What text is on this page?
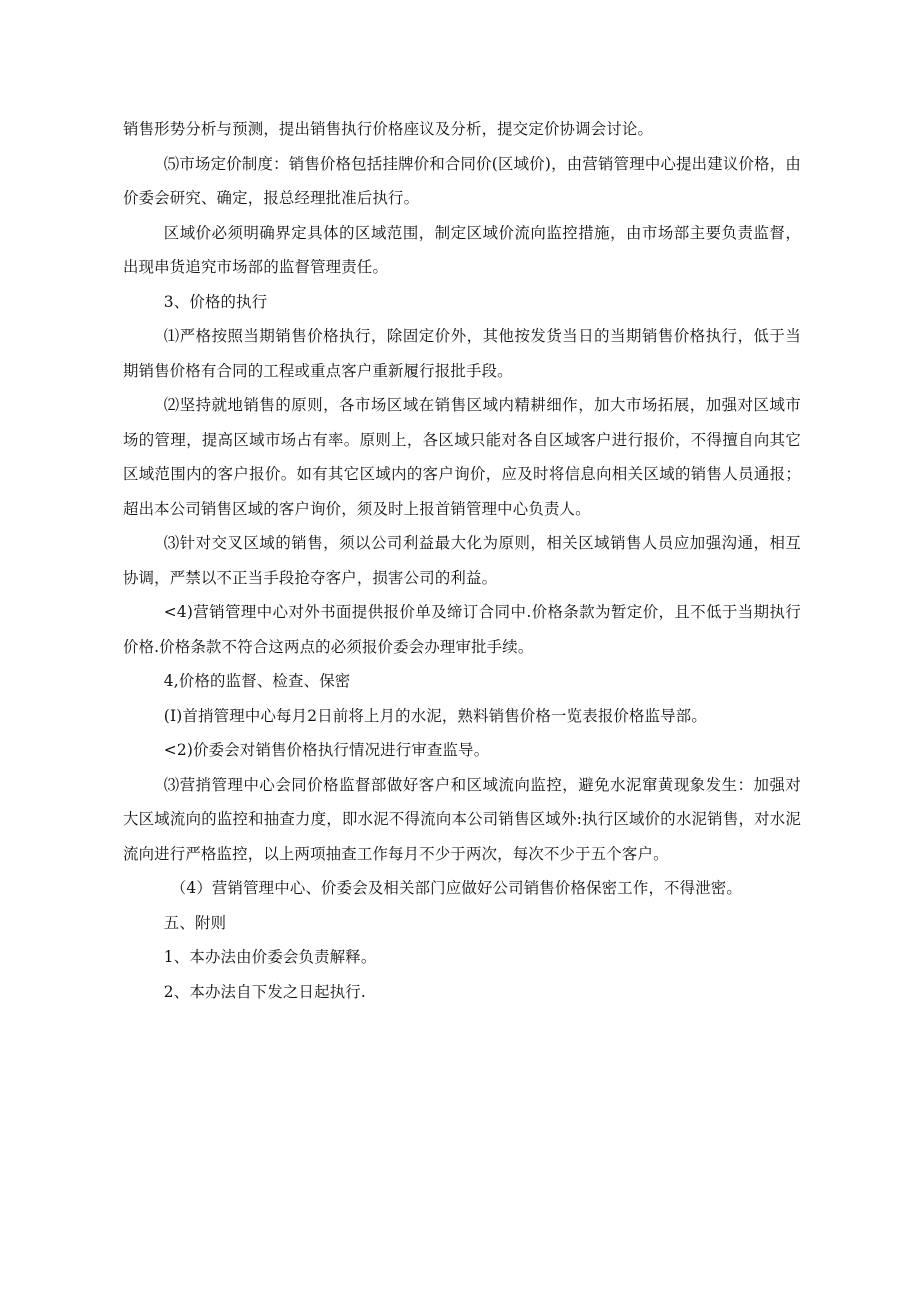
销售形势分析与预测，提出销售执行价格座议及分析，提交定价协调会讨论。

⑸市场定价制度：销售价格包括挂牌价和合同价(区域价)，由营销管理中心提出建议价格，由价委会研究、确定，报总经理批准后执行。

区域价必须明确界定具体的区域范围，制定区域价流向监控措施，由市场部主要负责监督，出现串货追究市场部的监督管理责任。

3、价格的执行

⑴严格按照当期销售价格执行，除固定价外，其他按发货当日的当期销售价格执行，低于当期销售价格有合同的工程或重点客户重新履行报批手段。

⑵坚持就地销售的原则，各市场区域在销售区域内精耕细作，加大市场拓展，加强对区域市场的管理，提高区域市场占有率。原则上，各区域只能对各自区域客户进行报价，不得擅自向其它区域范围内的客户报价。如有其它区域内的客户询价，应及时将信息向相关区域的销售人员通报；超出本公司销售区域的客户询价，须及时上报首销管理中心负责人。

⑶针对交叉区域的销售，须以公司利益最大化为原则，相关区域销售人员应加强沟通，相互协调，严禁以不正当手段抢夺客户，损害公司的利益。

<4)营销管理中心对外书面提供报价单及缔订合同中.价格条款为暂定价，且不低于当期执行价格.价格条款不符合这两点的必须报价委会办理审批手续。

4,价格的监督、检查、保密

(I)首捎管理中心每月2日前将上月的水泥，熟料销售价格一览表报价格监导部。

<2)价委会对销售价格执行情况进行审查监导。

⑶营捎管理中心会同价格监督部做好客户和区域流向监控，避免水泥窜黄现象发生：加强对大区域流向的监控和抽查力度，即水泥不得流向本公司销售区域外:执行区域价的水泥销售，对水泥流向进行严格监控，以上两项抽查工作每月不少于两次，每次不少于五个客户。

（4）营销管理中心、价委会及相关部门应做好公司销售价格保密工作，不得泄密。

五、附则

1、本办法由价委会负责解释。

2、本办法自下发之日起执行.
